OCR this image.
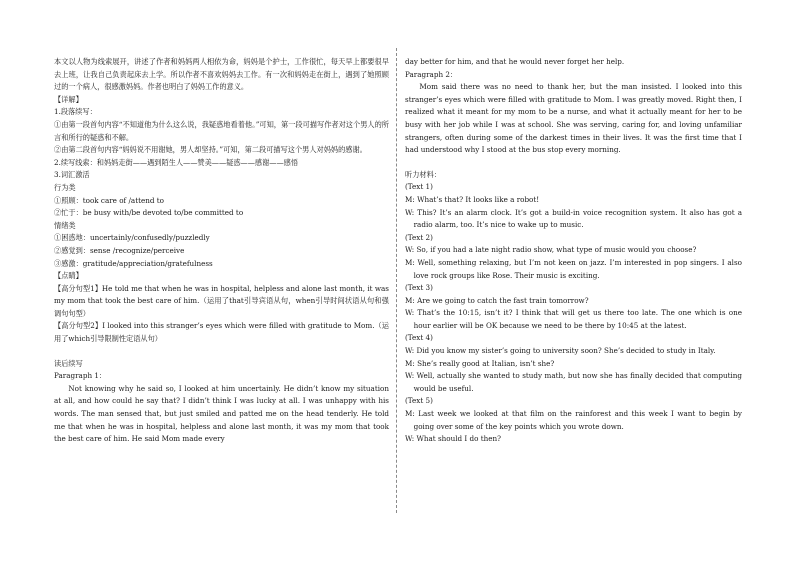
本文以人物为线索展开，讲述了作者和妈妈两人相依为命，妈妈是个护士，工作很忙，每天早上都要很早去上班，让我自己负责起床去上学。所以作者不喜欢妈妈去工作。有一次和妈妈走在街上，遇到了她照顾过的一个病人，很感激妈妈。作者也明白了妈妈工作的意义。

【详解】

1.段落续写：

①由第一段首句内容“不知道他为什么这么说，我疑惑地看着他。”可知，第一段可描写作者对这个男人的所言和所行的疑惑和不解。

②由第二段首句内容“妈妈说不用谢她，男人却坚持。”可知，第二段可描写这个男人对妈妈的感谢。

2.续写线索：和妈妈走街——遇到陌生人——赞美——疑惑——感谢——感悟

3.词汇激活

行为类

①照顾：took care of /attend to

②忙于：be busy with/be devoted to/be committed to

情绪类

①困惑地：uncertainly/confusedly/puzzledly

②感觉到：sense /recognize/perceive

③感激：gratitude/appreciation/gratefulness

【点睛】

【高分句型1】He told me that when he was in hospital, helpless and alone last month, it was my mom that took the best care of him.（运用了that引导宾语从句，when引导时间状语从句和强调句句型）

【高分句型2】I looked into this stranger’s eyes which were filled with gratitude to Mom.（运用了which引导限制性定语从句）

读后续写

Paragraph 1：

Not knowing why he said so, I looked at him uncertainly. He didn’t know my situation at all, and how could he say that? I didn’t think I was lucky at all. I was unhappy with his words. The man sensed that, but just smiled and patted me on the head tenderly. He told me that when he was in hospital, helpless and alone last month, it was my mom that took the best care of him. He said Mom made every

day better for him, and that he would never forget her help.

Paragraph 2：

Mom said there was no need to thank her, but the man insisted. I looked into this stranger’s eyes which were filled with gratitude to Mom. I was greatly moved. Right then, I realized what it meant for my mom to be a nurse, and what it actually meant for her to be busy with her job while I was at school. She was serving, caring for, and loving unfamiliar strangers, often during some of the darkest times in their lives. It was the first time that I had understood why I stood at the bus stop every morning.

听力材料：

(Text 1)

M: What’s that? It looks like a robot!

W: This? It’s an alarm clock. It’s got a build-in voice recognition system. It also has got a radio alarm, too. It’s nice to wake up to music.

(Text 2)

W: So, if you had a late night radio show, what type of music would you choose?

M: Well, something relaxing, but I’m not keen on jazz. I’m interested in pop singers. I also love rock groups like Rose. Their music is exciting.

(Text 3)

M: Are we going to catch the fast train tomorrow?

W: That’s the 10:15, isn’t it? I think that will get us there too late. The one which is one hour earlier will be OK because we need to be there by 10:45 at the latest.

(Text 4)

W: Did you know my sister’s going to university soon? She’s decided to study in Italy.

M: She’s really good at Italian, isn’t she?

W: Well, actually she wanted to study math, but now she has finally decided that computing would be useful.

(Text 5)

M: Last week we looked at that film on the rainforest and this week I want to begin by going over some of the key points which you wrote down.

W: What should I do then?
